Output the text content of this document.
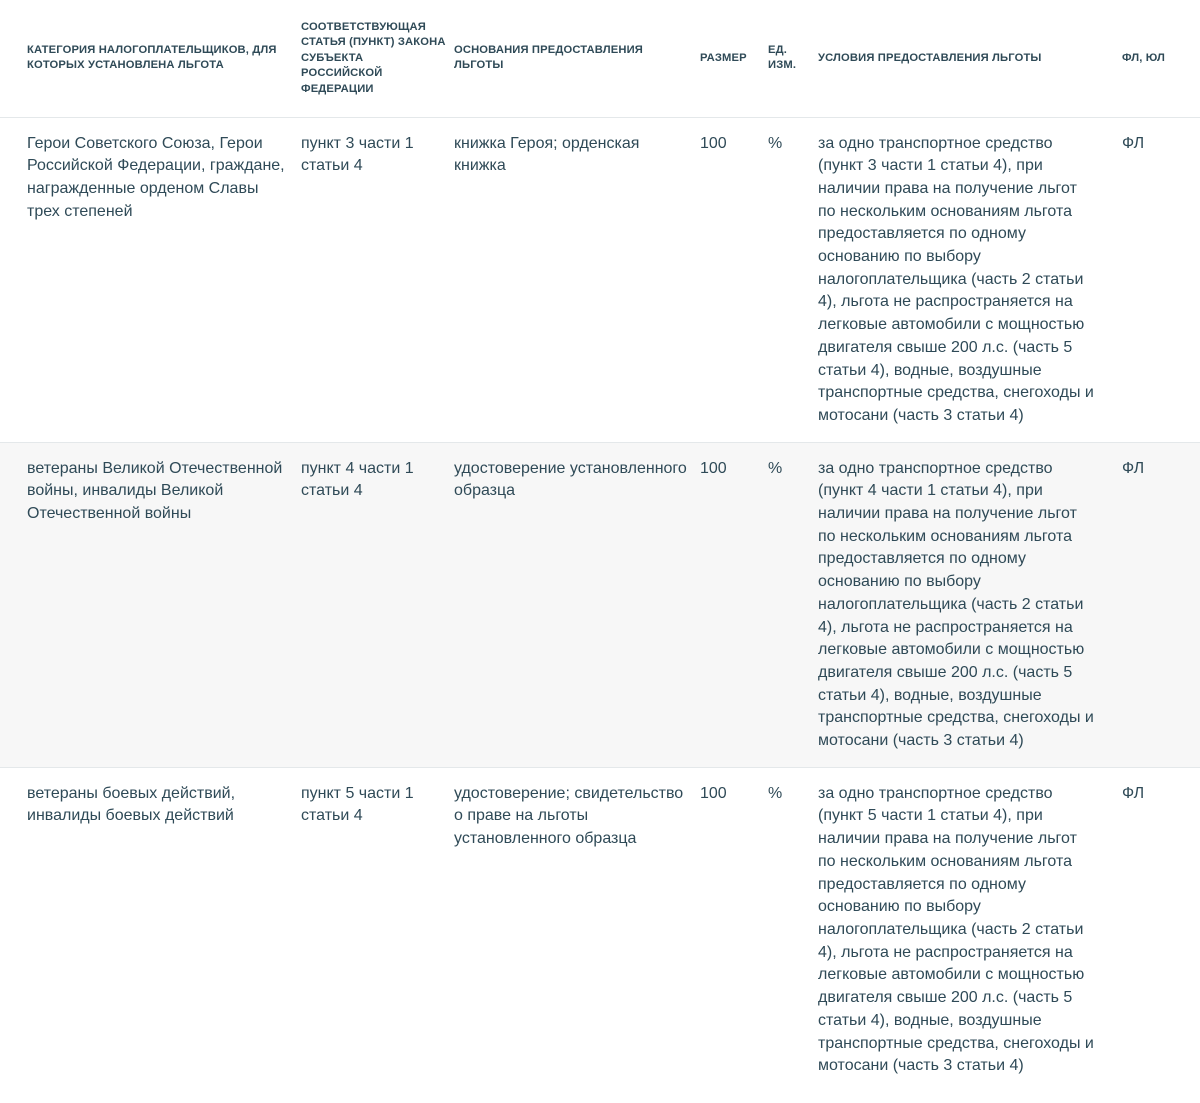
КАТЕГОРИЯ НАЛОГОПЛАТЕЛЬЩИКОВ, ДЛЯ КОТОРЫХ УСТАНОВЛЕНА ЛЬГОТА	СООТВЕТСТВУЮЩАЯ СТАТЬЯ (ПУНКТ) ЗАКОНА СУБЪЕКТА РОССИЙСКОЙ ФЕДЕРАЦИИ	ОСНОВАНИЯ ПРЕДОСТАВЛЕНИЯ ЛЬГОТЫ	РАЗМЕР	ЕД. ИЗМ.	УСЛОВИЯ ПРЕДОСТАВЛЕНИЯ ЛЬГОТЫ	ФЛ, ЮЛ
Герои Советского Союза, Герои Российской Федерации, граждане, награжденные орденом Славы трех степеней	пункт 3 части 1 статьи 4	книжка Героя; орденская книжка	100	%	за одно транспортное средство (пункт 3 части 1 статьи 4), при наличии права на получение льгот по нескольким основаниям льгота предоставляется по одному основанию по выбору налогоплательщика (часть 2 статьи 4), льгота не распространяется на легковые автомобили с мощностью двигателя свыше 200 л.с. (часть 5 статьи 4), водные, воздушные транспортные средства, снегоходы и мотосани (часть 3 статьи 4)	ФЛ
ветераны Великой Отечественной войны, инвалиды Великой Отечественной войны	пункт 4 части 1 статьи 4	удостоверение установленного образца	100	%	за одно транспортное средство (пункт 4 части 1 статьи 4), при наличии права на получение льгот по нескольким основаниям льгота предоставляется по одному основанию по выбору налогоплательщика (часть 2 статьи 4), льгота не распространяется на легковые автомобили с мощностью двигателя свыше 200 л.с. (часть 5 статьи 4), водные, воздушные транспортные средства, снегоходы и мотосани (часть 3 статьи 4)	ФЛ
ветераны боевых действий, инвалиды боевых действий	пункт 5 части 1 статьи 4	удостоверение; свидетельство о праве на льготы установленного образца	100	%	за одно транспортное средство (пункт 5 части 1 статьи 4), при наличии права на получение льгот по нескольким основаниям льгота предоставляется по одному основанию по выбору налогоплательщика (часть 2 статьи 4), льгота не распространяется на легковые автомобили с мощностью двигателя свыше 200 л.с. (часть 5 статьи 4), водные, воздушные транспортные средства, снегоходы и мотосани (часть 3 статьи 4)	ФЛ
